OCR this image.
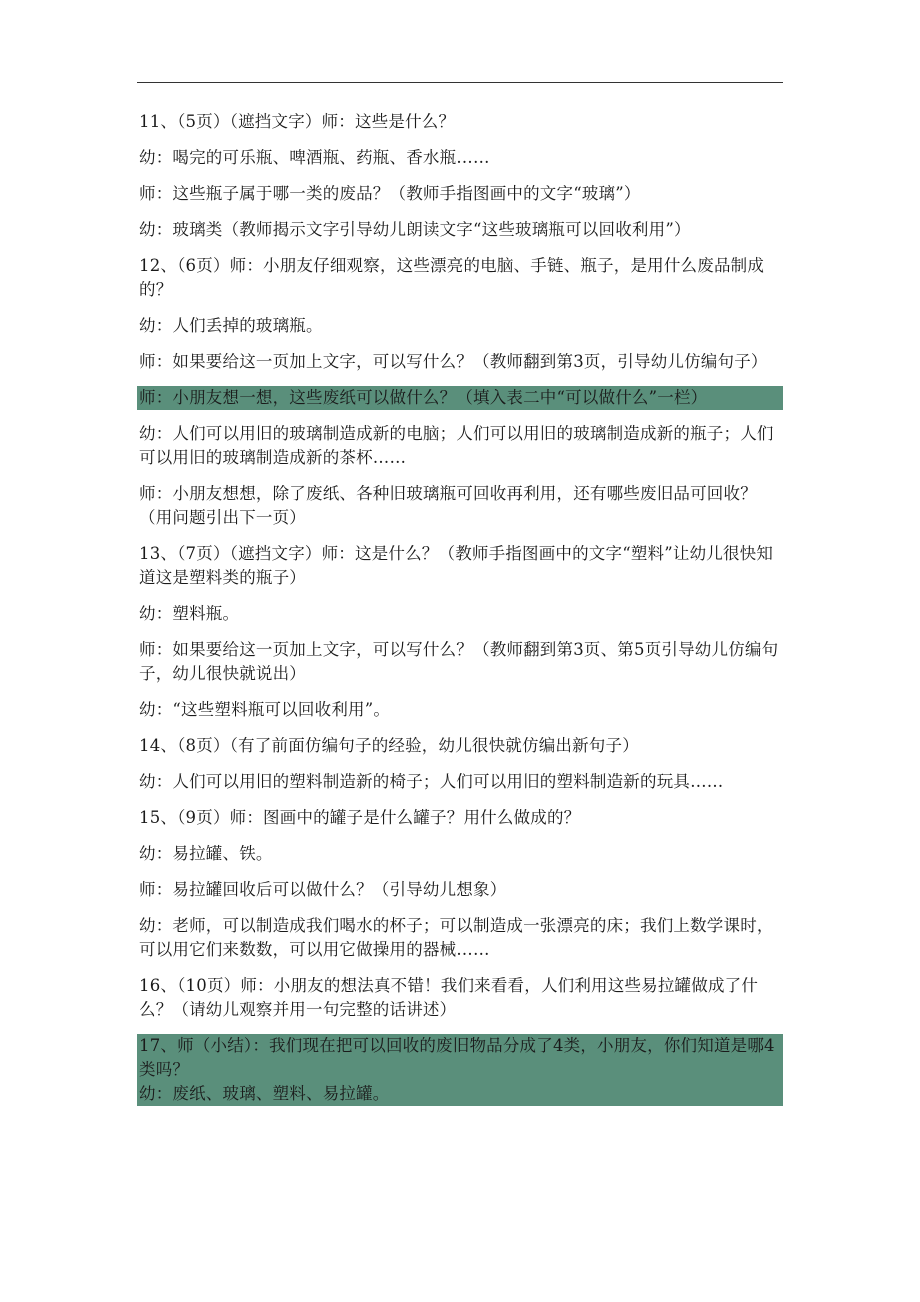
11、（5页）（遮挡文字）师：这些是什么？

幼：喝完的可乐瓶、啤酒瓶、药瓶、香水瓶……

师：这些瓶子属于哪一类的废品？（教师手指图画中的文字“玻璃”）

幼：玻璃类（教师揭示文字引导幼儿朗读文字“这些玻璃瓶可以回收利用”）

12、（6页）师：小朋友仔细观察，这些漂亮的电脑、手链、瓶子，是用什么废品制成的？

幼：人们丢掉的玻璃瓶。

师：如果要给这一页加上文字，可以写什么？（教师翻到第3页，引导幼儿仿编句子）

师：小朋友想一想，这些废纸可以做什么？（填入表二中“可以做什么”一栏）

幼：人们可以用旧的玻璃制造成新的电脑；人们可以用旧的玻璃制造成新的瓶子；人们可以用旧的玻璃制造成新的茶杯……

师：小朋友想想，除了废纸、各种旧玻璃瓶可回收再利用，还有哪些废旧品可回收？（用问题引出下一页）

13、（7页）（遮挡文字）师：这是什么？（教师手指图画中的文字“塑料”让幼儿很快知道这是塑料类的瓶子）

幼：塑料瓶。

师：如果要给这一页加上文字，可以写什么？（教师翻到第3页、第5页引导幼儿仿编句子，幼儿很快就说出）

幼：“这些塑料瓶可以回收利用”。

14、（8页）（有了前面仿编句子的经验，幼儿很快就仿编出新句子）

幼：人们可以用旧的塑料制造新的椅子；人们可以用旧的塑料制造新的玩具……

15、（9页）师：图画中的罐子是什么罐子？用什么做成的？

幼：易拉罐、铁。

师：易拉罐回收后可以做什么？（引导幼儿想象）

幼：老师，可以制造成我们喝水的杯子；可以制造成一张漂亮的床；我们上数学课时，可以用它们来数数，可以用它做操用的器械……

16、（10页）师：小朋友的想法真不错！我们来看看，人们利用这些易拉罐做成了什么？（请幼儿观察并用一句完整的话讲述）

17、师（小结）：我们现在把可以回收的废旧物品分成了4类，小朋友，你们知道是哪4类吗？

幼：废纸、玻璃、塑料、易拉罐。
